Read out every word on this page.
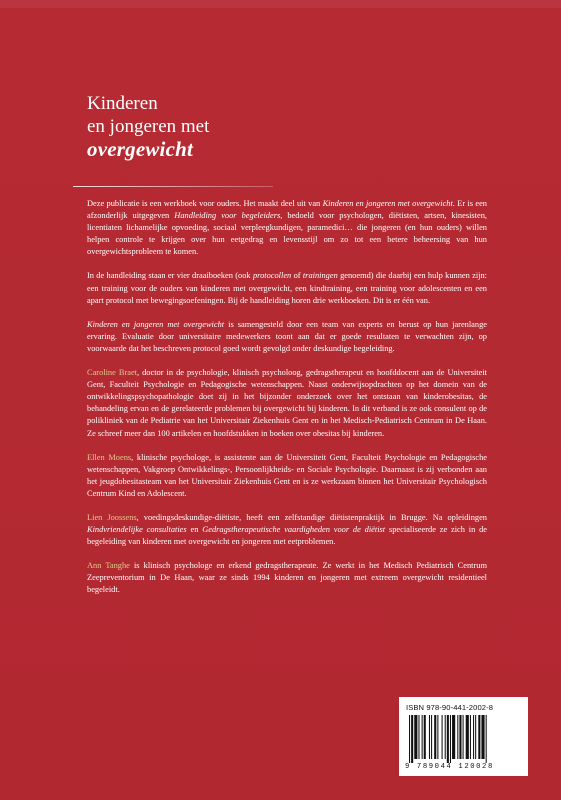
Kinderen
en jongeren met
overgewicht

Deze publicatie is een werkboek voor ouders. Het maakt deel uit van Kinderen en jongeren met overgewicht. Er is een afzonderlijk uitgegeven Handleiding voor begeleiders, bedoeld voor psychologen, diëtisten, artsen, kinesisten, licentiaten lichamelijke opvoeding, sociaal verpleegkundigen, paramedici… die jongeren (en hun ouders) willen helpen controle te krijgen over hun eetgedrag en levensstijl om zo tot een betere beheersing van hun overgewichtsprobleem te komen.

In de handleiding staan er vier draaiboeken (ook protocollen of trainingen genoemd) die daarbij een hulp kunnen zijn: een training voor de ouders van kinderen met overgewicht, een kindtraining, een training voor adolescenten en een apart protocol met bewegingsoefeningen. Bij de handleiding horen drie werkboeken. Dit is er één van.

Kinderen en jongeren met overgewicht is samengesteld door een team van experts en berust op hun jarenlange ervaring. Evaluatie door universitaire medewerkers toont aan dat er goede resultaten te verwachten zijn, op voorwaarde dat het beschreven protocol goed wordt gevolgd onder deskundige begeleiding.

Caroline Braet, doctor in de psychologie, klinisch psycholoog, gedragstherapeut en hoofddocent aan de Universiteit Gent, Faculteit Psychologie en Pedagogische wetenschappen. Naast onderwijsopdrachten op het domein van de ontwikkelingspsychopathologie doet zij in het bijzonder onderzoek over het ontstaan van kinderobesitas, de behandeling ervan en de gerelateerde problemen bij overgewicht bij kinderen. In dit verband is ze ook consulent op de polikliniek van de Pediatrie van het Universitair Ziekenhuis Gent en in het Medisch-Pediatrisch Centrum in De Haan. Ze schreef meer dan 100 artikelen en hoofdstukken in boeken over obesitas bij kinderen.

Ellen Moens, klinische psychologe, is assistente aan de Universiteit Gent, Faculteit Psychologie en Pedagogische wetenschappen, Vakgroep Ontwikkelings-, Persoonlijkheids- en Sociale Psychologie. Daarnaast is zij verbonden aan het jeugdobesitasteam van het Universitair Ziekenhuis Gent en is ze werkzaam binnen het Universitair Psychologisch Centrum Kind en Adolescent.

Lien Joossens, voedingsdeskundige-diëtiste, heeft een zelfstandige diëtistenpraktijk in Brugge. Na opleidingen Kindvriendelijke consultaties en Gedragstherapeutische vaardigheden voor de diëtist specialiseerde ze zich in de begeleiding van kinderen met overgewicht en jongeren met eetproblemen.

Ann Tanghe is klinisch psychologe en erkend gedragstherapeute. Ze werkt in het Medisch Pediatrisch Centrum Zeepreventorium in De Haan, waar ze sinds 1994 kinderen en jongeren met extreem overgewicht residentieel begeleidt.

ISBN 978-90-441-2002-8
9 789044 120028
